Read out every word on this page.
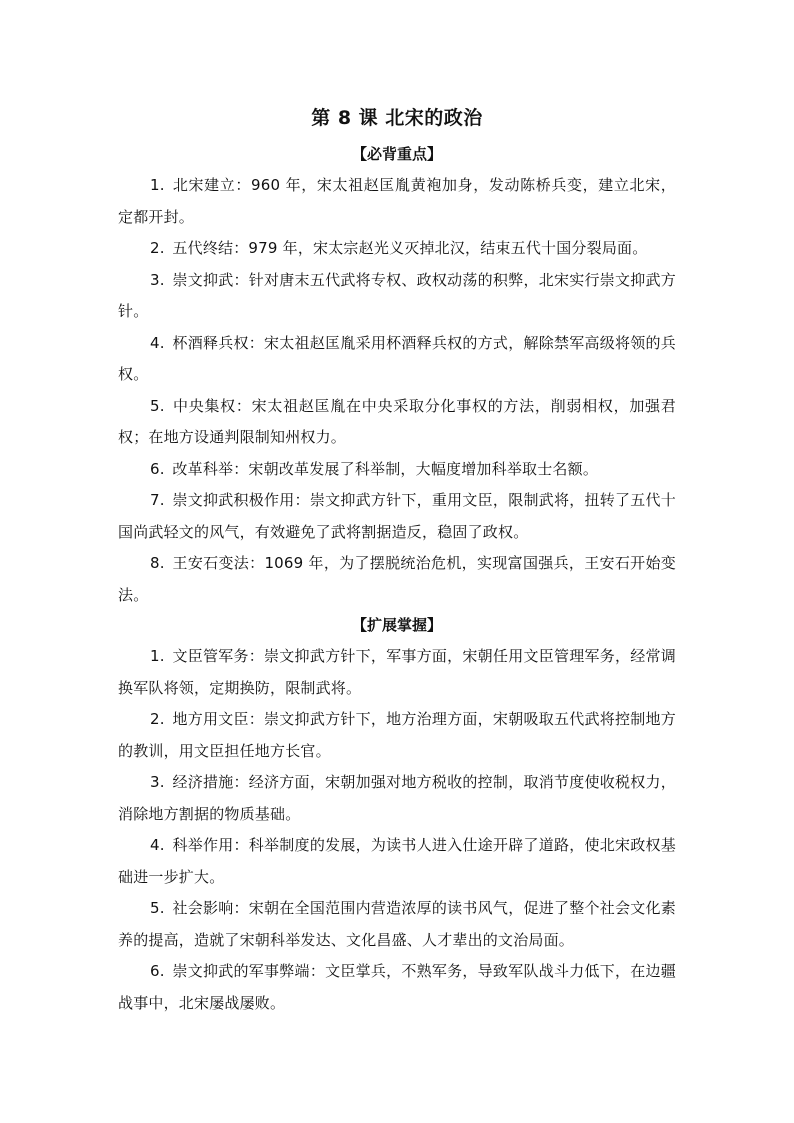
第 8 课 北宋的政治
【必背重点】

1.  北宋建立：960 年，宋太祖赵匡胤黄袍加身，发动陈桥兵变，建立北宋，定都开封。

2.  五代终结：979 年，宋太宗赵光义灭掉北汉，结束五代十国分裂局面。

3.  崇文抑武：针对唐末五代武将专权、政权动荡的积弊，北宋实行崇文抑武方针。

4.  杯酒释兵权：宋太祖赵匡胤采用杯酒释兵权的方式，解除禁军高级将领的兵权。

5.  中央集权：宋太祖赵匡胤在中央采取分化事权的方法，削弱相权，加强君权；在地方设通判限制知州权力。

6.  改革科举：宋朝改革发展了科举制，大幅度增加科举取士名额。

7.  崇文抑武积极作用：崇文抑武方针下，重用文臣，限制武将，扭转了五代十国尚武轻文的风气，有效避免了武将割据造反，稳固了政权。

8.  王安石变法：1069 年，为了摆脱统治危机，实现富国强兵，王安石开始变法。

【扩展掌握】

1.  文臣管军务：崇文抑武方针下，军事方面，宋朝任用文臣管理军务，经常调换军队将领，定期换防，限制武将。

2.  地方用文臣：崇文抑武方针下，地方治理方面，宋朝吸取五代武将控制地方的教训，用文臣担任地方长官。

3.  经济措施：经济方面，宋朝加强对地方税收的控制，取消节度使收税权力，消除地方割据的物质基础。

4.  科举作用：科举制度的发展，为读书人进入仕途开辟了道路，使北宋政权基础进一步扩大。

5.  社会影响：宋朝在全国范围内营造浓厚的读书风气，促进了整个社会文化素养的提高，造就了宋朝科举发达、文化昌盛、人才辈出的文治局面。

6.  崇文抑武的军事弊端：文臣掌兵，不熟军务，导致军队战斗力低下，在边疆战事中，北宋屡战屡败。
